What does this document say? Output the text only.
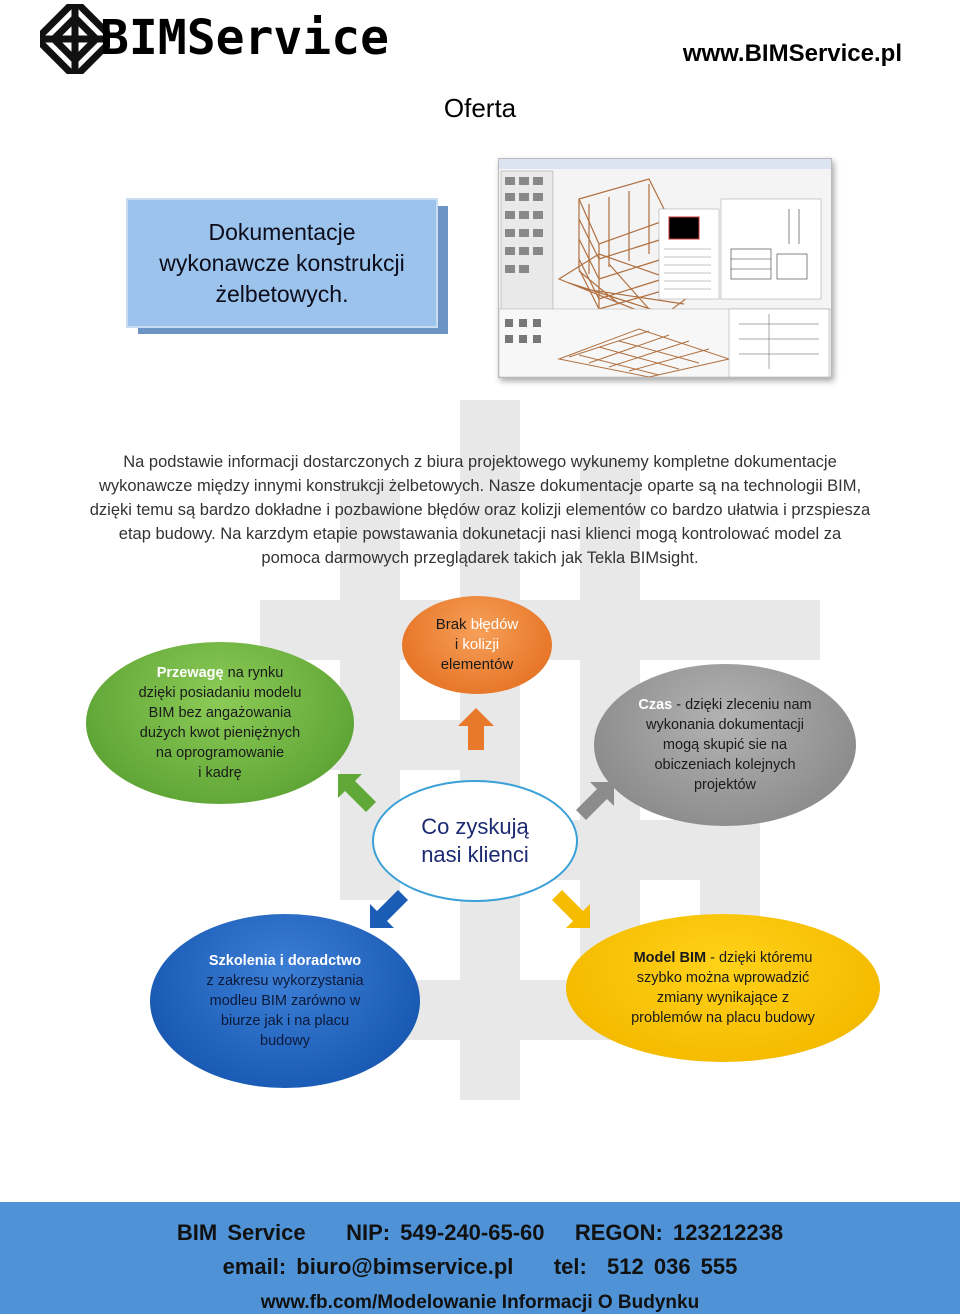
BIMService	www.BIMService.pl
Oferta
Dokumentacje
wykonawcze konstrukcji
żelbetowych.
Na podstawie informacji dostarczonych z biura projektowego wykunemy kompletne dokumentacje
wykonawcze między innymi konstrukcji żelbetowych. Nasze dokumentacje oparte są na technologii BIM,
dzięki temu są bardzo dokładne i pozbawione błędów oraz kolizji elementów co bardzo ułatwia i przspiesza
etap budowy. Na karzdym etapie powstawania dokunetacji nasi klienci mogą kontrolować model za
pomoca darmowych przeglądarek takich jak Tekla BIMsight.
Brak błędów
i kolizji
elementów
Przewagę na rynku
dzięki posiadaniu modelu
BIM bez angażowania
dużych kwot pieniężnych
na oprogramowanie
i kadrę
Czas - dzięki zleceniu nam
wykonania dokumentacji
mogą skupić sie na
obiczeniach kolejnych
projektów
Co zyskują
nasi klienci
Szkolenia i doradctwo
z zakresu wykorzystania
modleu BIM zarówno w
biurze jak i na placu
budowy
Model BIM - dzięki któremu
szybko można wprowadzić
zmiany wynikające z
problemów na placu budowy
BIM Service    NIP: 549-240-65-60   REGON: 123212238
email: biuro@bimservice.pl    tel:  512 036 555
www.fb.com/Modelowanie Informacji O Budynku
